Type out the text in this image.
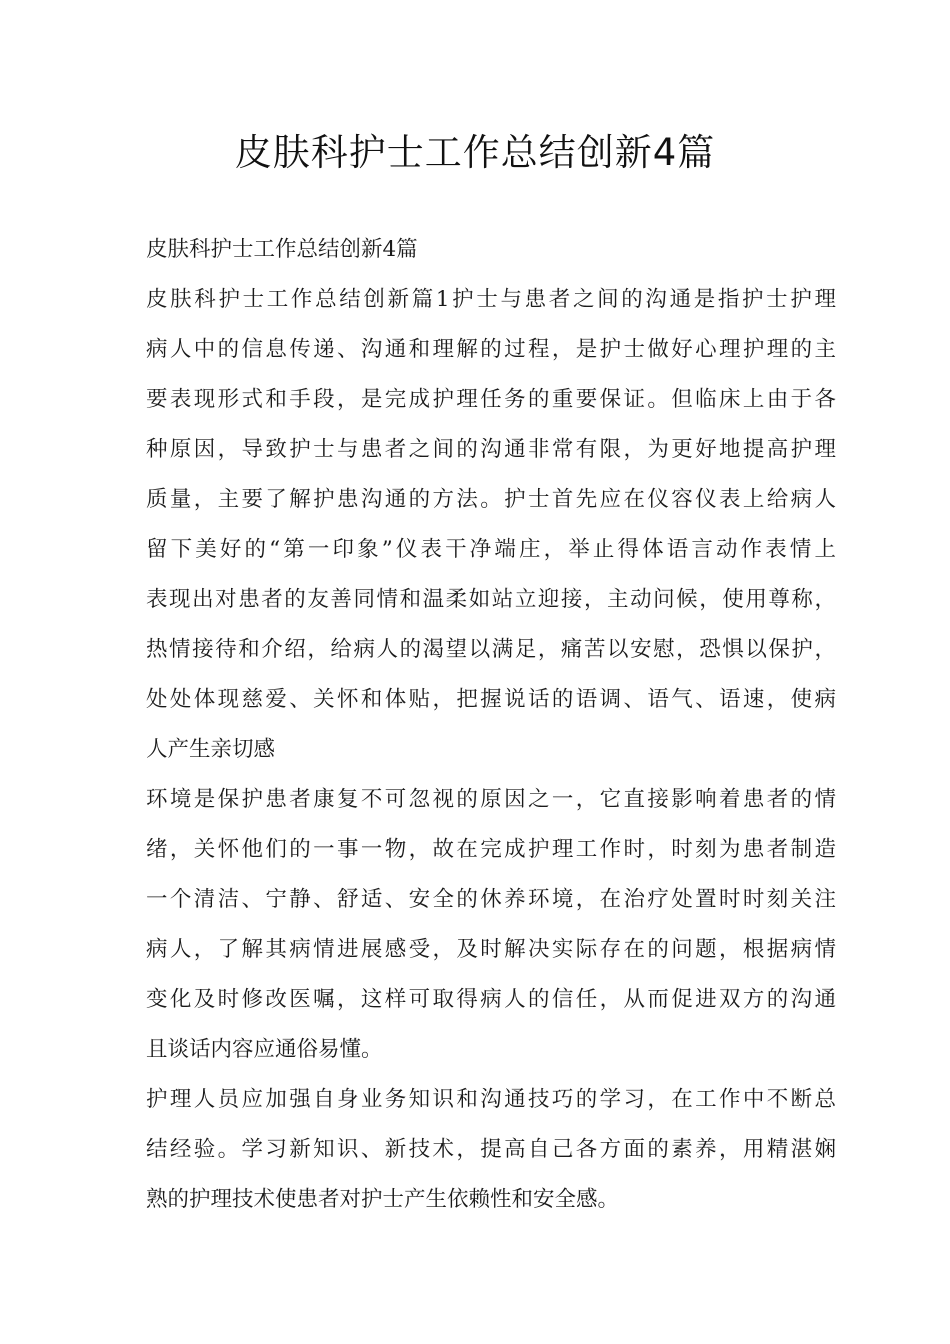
皮肤科护士工作总结创新4篇
皮肤科护士工作总结创新4篇
皮肤科护士工作总结创新篇1护士与患者之间的沟通是指护士护理
病人中的信息传递、沟通和理解的过程，是护士做好心理护理的主
要表现形式和手段，是完成护理任务的重要保证。但临床上由于各
种原因，导致护士与患者之间的沟通非常有限，为更好地提高护理
质量，主要了解护患沟通的方法。护士首先应在仪容仪表上给病人
留下美好的“第一印象”仪表干净端庄，举止得体语言动作表情上
表现出对患者的友善同情和温柔如站立迎接，主动问候，使用尊称，
热情接待和介绍，给病人的渴望以满足，痛苦以安慰，恐惧以保护，
处处体现慈爱、关怀和体贴，把握说话的语调、语气、语速，使病
人产生亲切感
环境是保护患者康复不可忽视的原因之一，它直接影响着患者的情
绪，关怀他们的一事一物，故在完成护理工作时，时刻为患者制造
一个清洁、宁静、舒适、安全的休养环境，在治疗处置时时刻关注
病人，了解其病情进展感受，及时解决实际存在的问题，根据病情
变化及时修改医嘱，这样可取得病人的信任，从而促进双方的沟通
且谈话内容应通俗易懂。
护理人员应加强自身业务知识和沟通技巧的学习，在工作中不断总
结经验。学习新知识、新技术，提高自己各方面的素养，用精湛娴
熟的护理技术使患者对护士产生依赖性和安全感。
